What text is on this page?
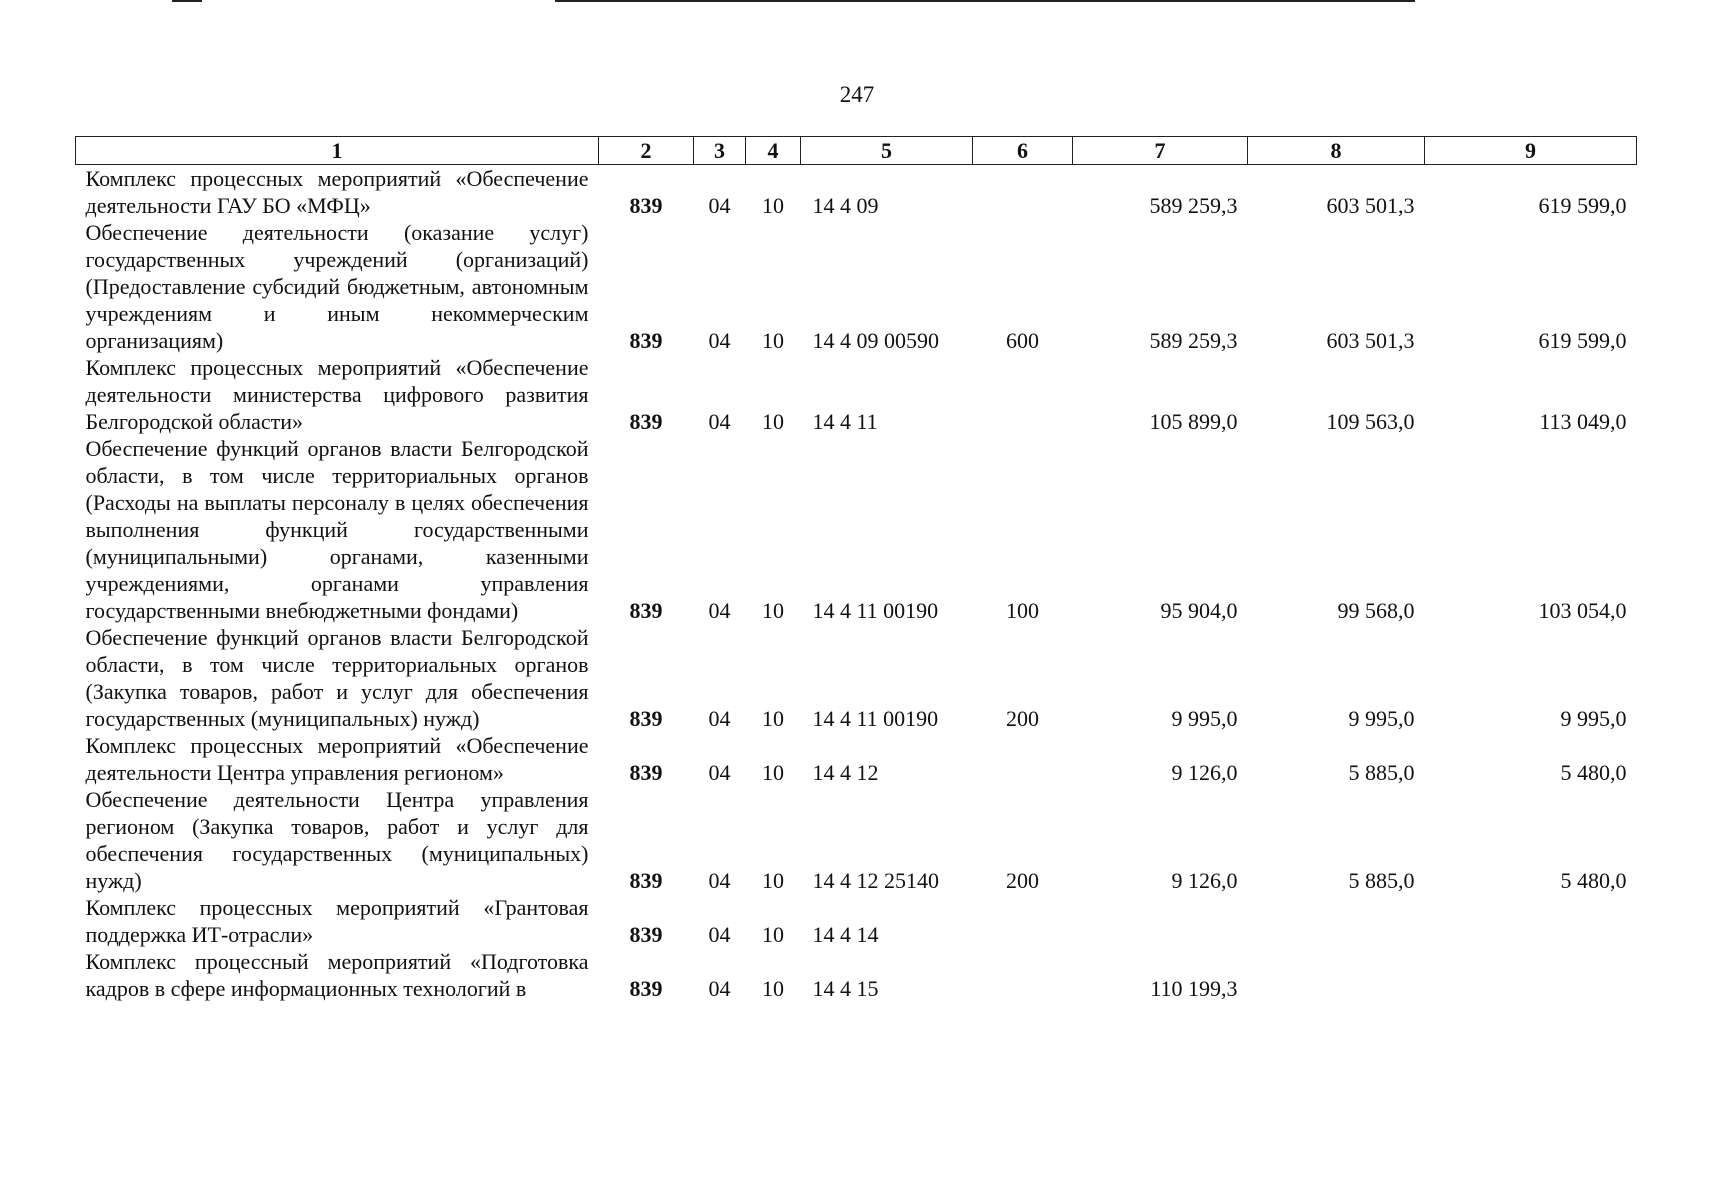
247
1	2	3	4	5	6	7	8	9
Комплекс процессных мероприятий «Обеспечение деятельности ГАУ БО «МФЦ»	839	04	10	14 4 09		589 259,3	603 501,3	619 599,0
Обеспечение деятельности (оказание услуг) государственных учреждений (организаций) (Предоставление субсидий бюджетным, автономным учреждениям и иным некоммерческим организациям)	839	04	10	14 4 09 00590	600	589 259,3	603 501,3	619 599,0
Комплекс процессных мероприятий «Обеспечение деятельности министерства цифрового развития Белгородской области»	839	04	10	14 4 11		105 899,0	109 563,0	113 049,0
Обеспечение функций органов власти Белгородской области, в том числе территориальных органов (Расходы на выплаты персоналу в целях обеспечения выполнения функций государственными (муниципальными) органами, казенными учреждениями, органами управления государственными внебюджетными фондами)	839	04	10	14 4 11 00190	100	95 904,0	99 568,0	103 054,0
Обеспечение функций органов власти Белгородской области, в том числе территориальных органов (Закупка товаров, работ и услуг для обеспечения государственных (муниципальных) нужд)	839	04	10	14 4 11 00190	200	9 995,0	9 995,0	9 995,0
Комплекс процессных мероприятий «Обеспечение деятельности Центра управления регионом»	839	04	10	14 4 12		9 126,0	5 885,0	5 480,0
Обеспечение деятельности Центра управления регионом (Закупка товаров, работ и услуг для обеспечения государственных (муниципальных) нужд)	839	04	10	14 4 12 25140	200	9 126,0	5 885,0	5 480,0
Комплекс процессных мероприятий «Грантовая поддержка ИТ-отрасли»	839	04	10	14 4 14				
Комплекс процессный мероприятий «Подготовка кадров в сфере информационных технологий в	839	04	10	14 4 15		110 199,3		
